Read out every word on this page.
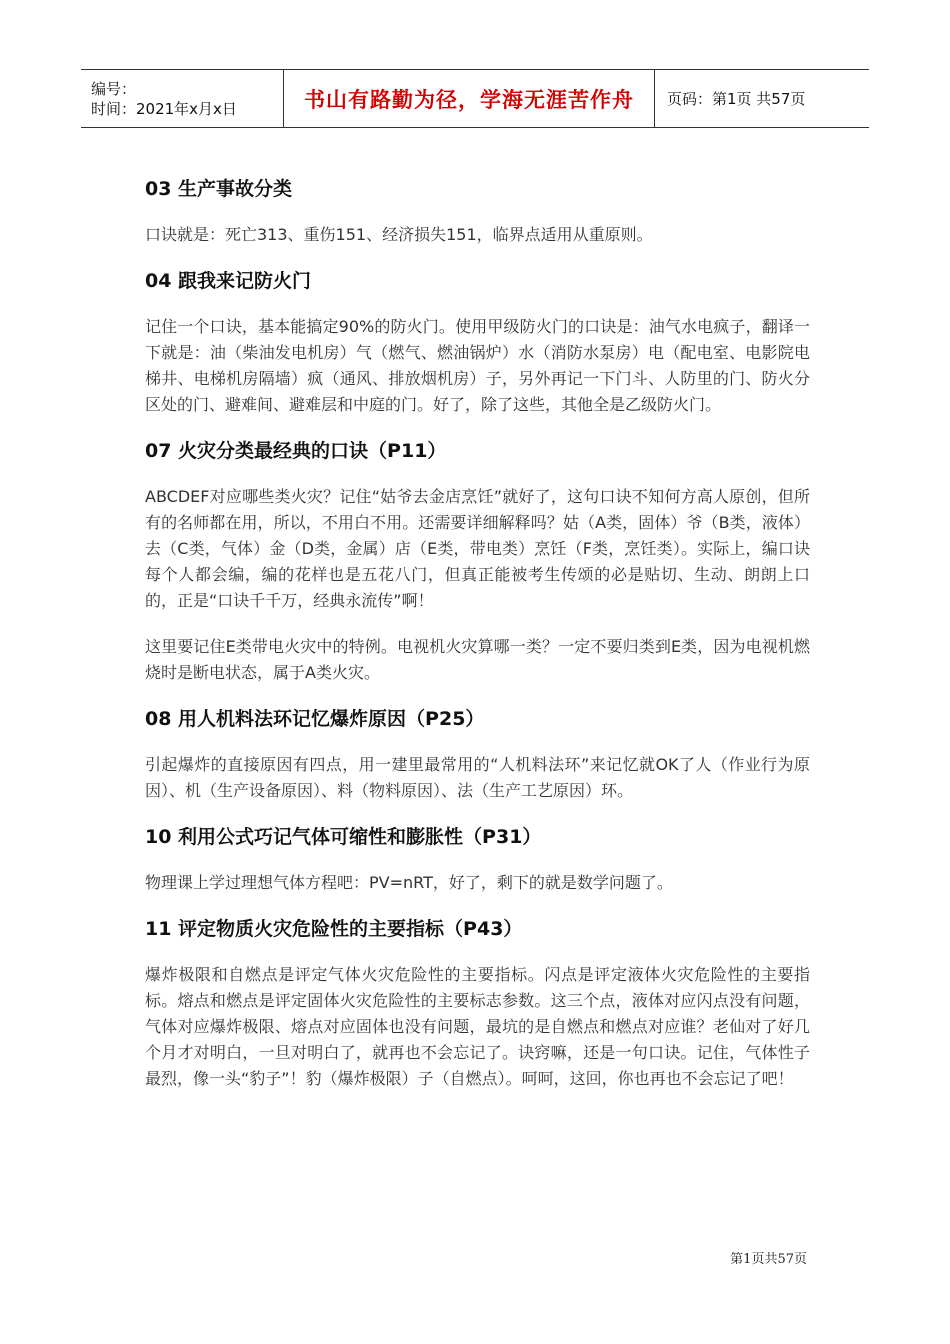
编号：
时间：2021年x月x日	书山有路勤为径，学海无涯苦作舟 页码：第1页 共57页
03 生产事故分类

口诀就是：死亡313、重伤151、经济损失151，临界点适用从重原则。

04 跟我来记防火门

记住一个口诀，基本能搞定90%的防火门。使用甲级防火门的口诀是：油气水电疯子，翻译一下就是：油（柴油发电机房）气（燃气、燃油锅炉）水（消防水泵房）电（配电室、电影院电梯井、电梯机房隔墙）疯（通风、排放烟机房）子，另外再记一下门斗、人防里的门、防火分区处的门、避难间、避难层和中庭的门。好了，除了这些，其他全是乙级防火门。

07 火灾分类最经典的口诀（P11）

ABCDEF对应哪些类火灾？记住“姑爷去金店烹饪”就好了，这句口诀不知何方高人原创，但所有的名师都在用，所以，不用白不用。还需要详细解释吗？姑（A类，固体）爷（B类，液体）去（C类，气体）金（D类，金属）店（E类，带电类）烹饪（F类，烹饪类）。实际上，编口诀每个人都会编，编的花样也是五花八门，但真正能被考生传颂的必是贴切、生动、朗朗上口的，正是“口诀千千万，经典永流传”啊！

这里要记住E类带电火灾中的特例。电视机火灾算哪一类？一定不要归类到E类，因为电视机燃烧时是断电状态，属于A类火灾。

08 用人机料法环记忆爆炸原因（P25）

引起爆炸的直接原因有四点，用一建里最常用的“人机料法环”来记忆就OK了人（作业行为原因）、机（生产设备原因）、料（物料原因）、法（生产工艺原因）环。

10 利用公式巧记气体可缩性和膨胀性（P31）

物理课上学过理想气体方程吧：PV=nRT，好了，剩下的就是数学问题了。

11 评定物质火灾危险性的主要指标（P43）

爆炸极限和自燃点是评定气体火灾危险性的主要指标。闪点是评定液体火灾危险性的主要指标。熔点和燃点是评定固体火灾危险性的主要标志参数。这三个点，液体对应闪点没有问题，气体对应爆炸极限、熔点对应固体也没有问题，最坑的是自燃点和燃点对应谁？老仙对了好几个月才对明白，一旦对明白了，就再也不会忘记了。诀窍嘛，还是一句口诀。记住，气体性子最烈，像一头“豹子”！豹（爆炸极限）子（自燃点）。呵呵，这回，你也再也不会忘记了吧！

第1页共57页
